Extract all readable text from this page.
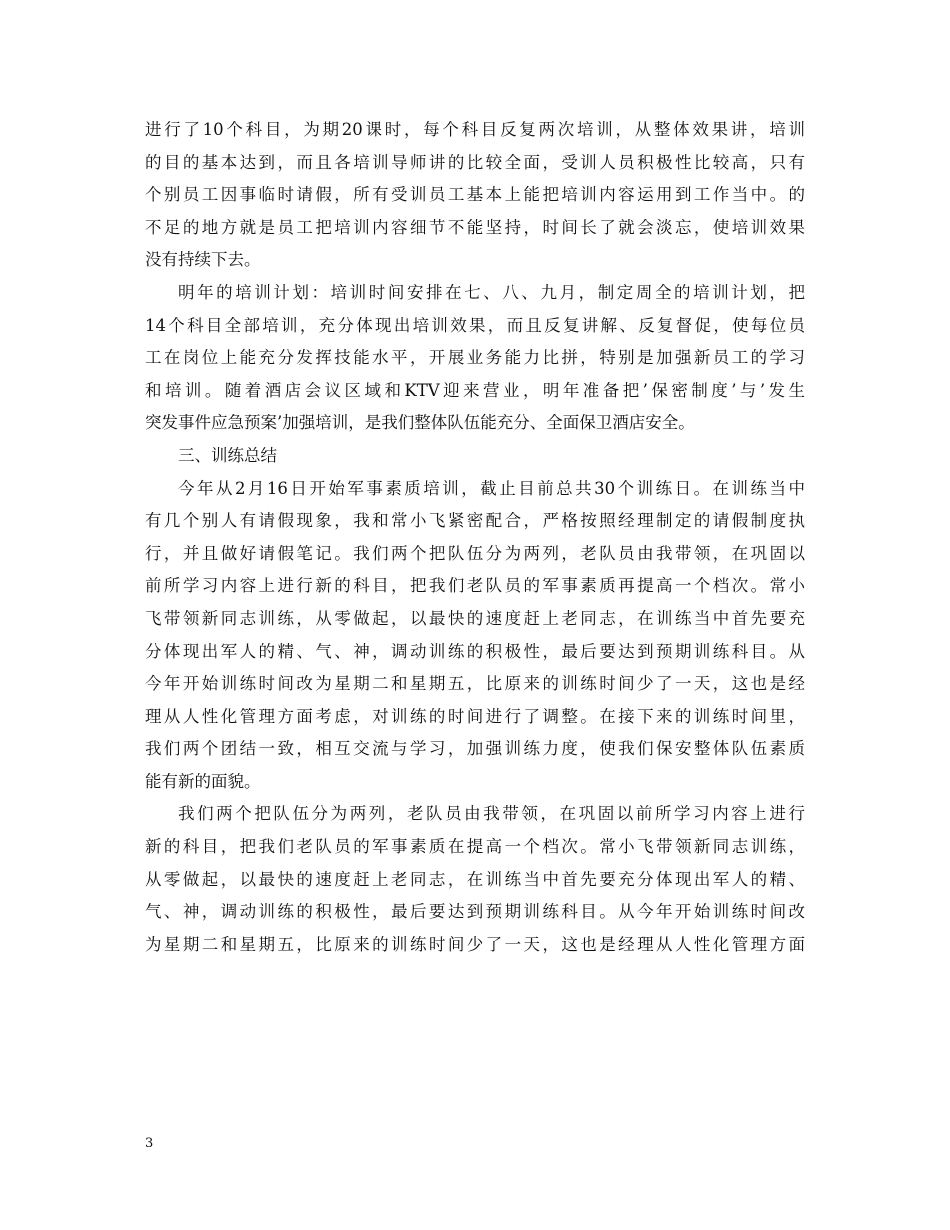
进行了10个科目，为期20课时，每个科目反复两次培训，从整体效果讲，培训
的目的基本达到，而且各培训导师讲的比较全面，受训人员积极性比较高，只有
个别员工因事临时请假，所有受训员工基本上能把培训内容运用到工作当中。的
不足的地方就是员工把培训内容细节不能坚持，时间长了就会淡忘，使培训效果
没有持续下去。
明年的培训计划：培训时间安排在七、八、九月，制定周全的培训计划，把
14个科目全部培训，充分体现出培训效果，而且反复讲解、反复督促，使每位员
工在岗位上能充分发挥技能水平，开展业务能力比拼，特别是加强新员工的学习
和培训。随着酒店会议区域和KTV迎来营业，明年准备把’保密制度’与’发生
突发事件应急预案’加强培训，是我们整体队伍能充分、全面保卫酒店安全。
三、训练总结
今年从2月16日开始军事素质培训，截止目前总共30个训练日。在训练当中
有几个别人有请假现象，我和常小飞紧密配合，严格按照经理制定的请假制度执
行，并且做好请假笔记。我们两个把队伍分为两列，老队员由我带领，在巩固以
前所学习内容上进行新的科目，把我们老队员的军事素质再提高一个档次。常小
飞带领新同志训练，从零做起，以最快的速度赶上老同志，在训练当中首先要充
分体现出军人的精、气、神，调动训练的积极性，最后要达到预期训练科目。从
今年开始训练时间改为星期二和星期五，比原来的训练时间少了一天，这也是经
理从人性化管理方面考虑，对训练的时间进行了调整。在接下来的训练时间里，
我们两个团结一致，相互交流与学习，加强训练力度，使我们保安整体队伍素质
能有新的面貌。
我们两个把队伍分为两列，老队员由我带领，在巩固以前所学习内容上进行
新的科目，把我们老队员的军事素质在提高一个档次。常小飞带领新同志训练，
从零做起，以最快的速度赶上老同志，在训练当中首先要充分体现出军人的精、
气、神，调动训练的积极性，最后要达到预期训练科目。从今年开始训练时间改
为星期二和星期五，比原来的训练时间少了一天，这也是经理从人性化管理方面
3
